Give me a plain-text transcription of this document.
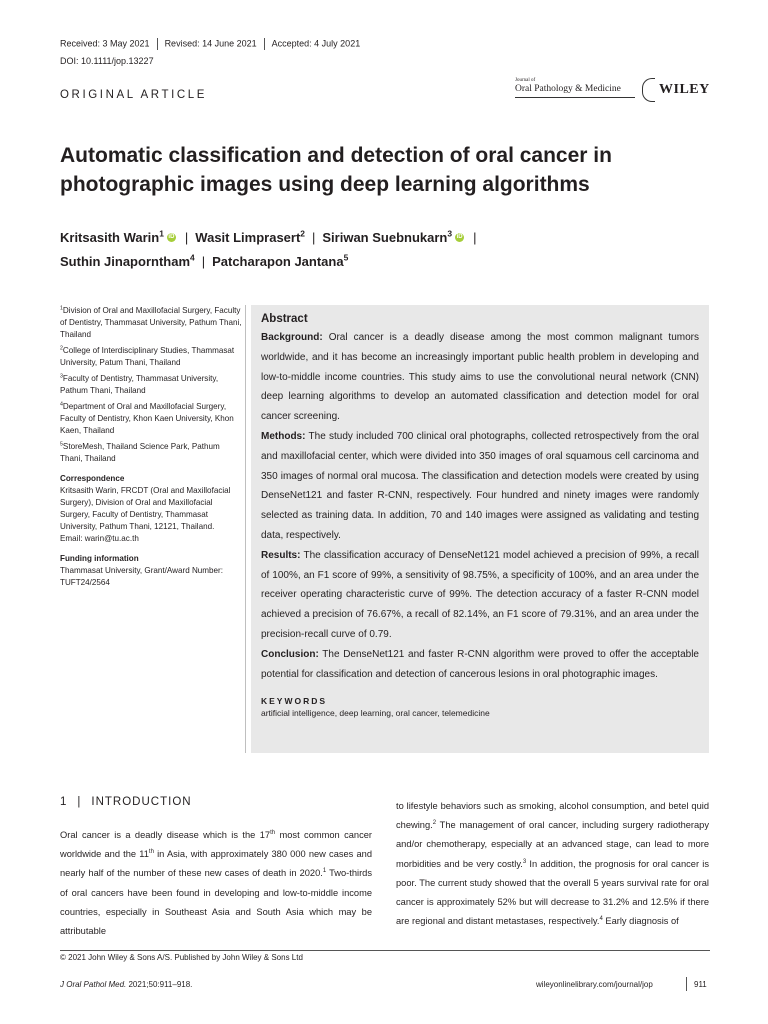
Received: 3 May 2021 Revised: 14 June 2021 Accepted: 4 July 2021
DOI: 10.1111/jop.13227
ORIGINAL ARTICLE
Journal of
Oral Pathology & Medicine	WILEY
Automatic classification and detection of oral cancer in photographic images using deep learning algorithms
Kritsasith Warin$^1$ iD | Wasit Limprasert$^2$ | Siriwan Suebnukarn$^3$ iD |
Suthin Jinaporntham$^4$ | Patcharapon Jantana$^5$

$^1$Division of Oral and Maxillofacial Surgery, Faculty of Dentistry, Thammasat University, Pathum Thani, Thailand

$^2$College of Interdisciplinary Studies, Thammasat University, Patum Thani, Thailand

$^3$Faculty of Dentistry, Thammasat University, Pathum Thani, Thailand

$^4$Department of Oral and Maxillofacial Surgery, Faculty of Dentistry, Khon Kaen University, Khon Kaen, Thailand

$^5$StoreMesh, Thailand Science Park, Pathum Thani, Thailand

Correspondence

Kritsasith Warin, FRCDT (Oral and Maxillofacial Surgery), Division of Oral and Maxillofacial Surgery, Faculty of Dentistry, Thammasat University, Pathum Thani, 12121, Thailand.

Email: warin@tu.ac.th

Funding information

Thammasat University, Grant/Award Number: TUFT24/2564

Abstract

Background: Oral cancer is a deadly disease among the most common malignant tumors worldwide, and it has become an increasingly important public health problem in developing and low-to-middle income countries. This study aims to use the convolutional neural network (CNN) deep learning algorithms to develop an automated classification and detection model for oral cancer screening.
Methods: The study included 700 clinical oral photographs, collected retrospectively from the oral and maxillofacial center, which were divided into 350 images of oral squamous cell carcinoma and 350 images of normal oral mucosa. The classification and detection models were created by using DenseNet121 and faster R-CNN, respectively. Four hundred and ninety images were randomly selected as training data. In addition, 70 and 140 images were assigned as validating and testing data, respectively.
Results: The classification accuracy of DenseNet121 model achieved a precision of 99%, a recall of 100%, an F1 score of 99%, a sensitivity of 98.75%, a specificity of 100%, and an area under the receiver operating characteristic curve of 99%. The detection accuracy of a faster R-CNN model achieved a precision of 76.67%, a recall of 82.14%, an F1 score of 79.31%, and an area under the precision-recall curve of 0.79.
Conclusion: The DenseNet121 and faster R-CNN algorithm were proved to offer the acceptable potential for classification and detection of cancerous lesions in oral photographic images.

KEYWORDS

artificial intelligence, deep learning, oral cancer, telemedicine

1 | INTRODUCTION

Oral cancer is a deadly disease which is the 17th most common cancer worldwide and the 11th in Asia, with approximately 380 000 new cases and nearly half of the number of these new cases of death in 2020.$^1$ Two-thirds of oral cancers have been found in developing and low-to-middle income countries, especially in Southeast Asia and South Asia which may be attributable

to lifestyle behaviors such as smoking, alcohol consumption, and betel quid chewing.$^2$ The management of oral cancer, including surgery radiotherapy and/or chemotherapy, especially at an advanced stage, can lead to more morbidities and be very costly.$^3$ In addition, the prognosis for oral cancer is poor. The current study showed that the overall 5 years survival rate for oral cancer is approximately 52% but will decrease to 31.2% and 12.5% if there are regional and distant metastases, respectively.$^4$ Early diagnosis of

© 2021 John Wiley & Sons A/S. Published by John Wiley & Sons Ltd
J Oral Pathol Med. 2021;50:911–918.	wileyonlinelibrary.com/journal/jop	911
